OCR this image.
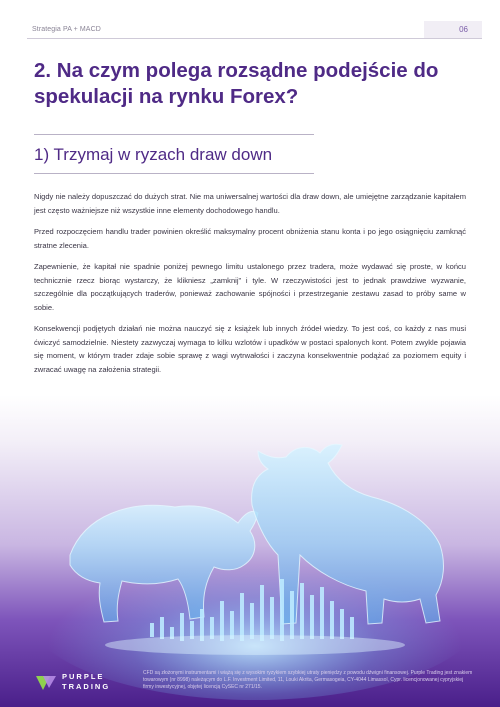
Strategia PA + MACD	06
2. Na czym polega rozsądne podejście do spekulacji na rynku Forex?
1) Trzymaj w ryzach draw down

Nigdy nie należy dopuszczać do dużych strat. Nie ma uniwersalnej wartości dla draw down, ale umiejętne zarządzanie kapitałem jest często ważniejsze niż wszystkie inne elementy dochodowego handlu.

Przed rozpoczęciem handlu trader powinien określić maksymalny procent obniżenia stanu konta i po jego osiągnięciu zamknąć stratne zlecenia.

Zapewnienie, że kapitał nie spadnie poniżej pewnego limitu ustalonego przez tradera, może wydawać się proste, w końcu technicznie rzecz biorąc wystarczy, że klikniesz „zamknij” i tyle. W rzeczywistości jest to jednak prawdziwe wyzwanie, szczególnie dla początkujących traderów, ponieważ zachowanie spójności i przestrzeganie zestawu zasad to próby same w sobie.

Konsekwencji podjętych działań nie można nauczyć się z książek lub innych źródeł wiedzy. To jest coś, co każdy z nas musi ćwiczyć samodzielnie. Niestety zazwyczaj wymaga to kilku wzlotów i upadków w postaci spalonych kont. Potem zwykle pojawia się moment, w którym trader zdaje sobie sprawę z wagi wytrwałości i zaczyna konsekwentnie podążać za poziomem equity i zwracać uwagę na założenia strategii.

PURPLE
TRADING
CFD są złożonymi instrumentami i wiążą się z wysokim ryzykiem szybkiej utraty pieniędzy z powodu dźwigni finansowej. Purple Trading jest znakiem towarowym (nr 8998) należącym do L.F. Investment Limited, 11, Louki Akrita, Germasogeia, CY-4044 Limassol, Cypr. licencjonowanej cypryjskiej firmy inwestycyjnej, objętej licencją CySEC nr 271/15.
